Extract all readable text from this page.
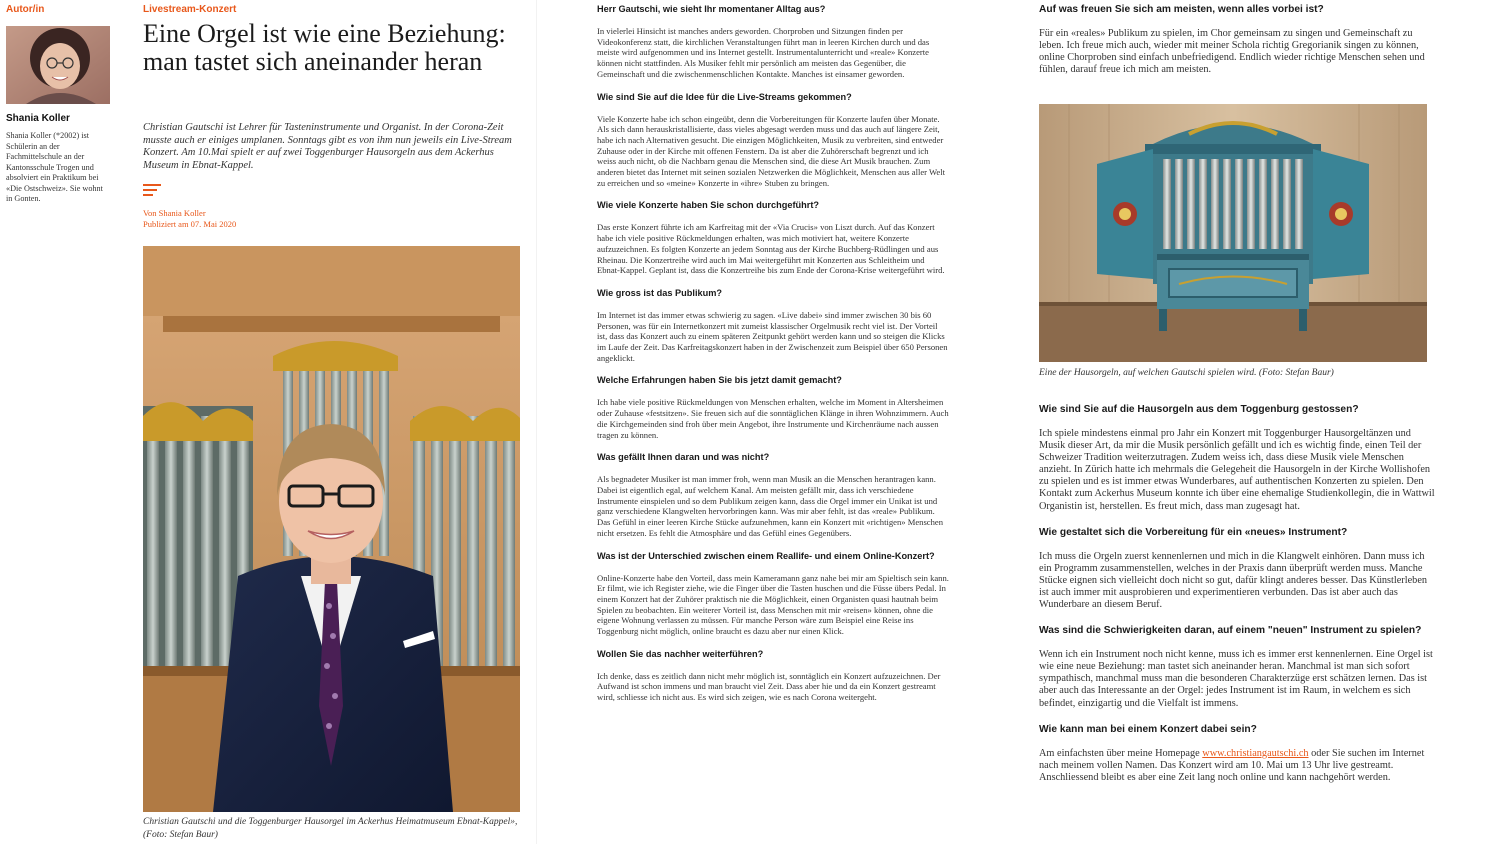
Autor/in
Shania Koller
Shania Koller (*2002) ist Schülerin an der Fachmittelschule an der Kantonsschule Trogen und absolviert ein Praktikum bei «Die Ostschweiz». Sie wohnt in Gonten.
Livestream-Konzert
Eine Orgel ist wie eine Beziehung: man tastet sich aneinander heran

Christian Gautschi ist Lehrer für Tasteninstrumente und Organist. In der Corona-Zeit musste auch er einiges umplanen. Sonntags gibt es von ihm nun jeweils ein Live-Stream Konzert. Am 10.Mai spielt er auf zwei Toggenburger Hausorgeln aus dem Ackerhus Museum in Ebnat-Kappel.

Von Shania Koller
Publiziert am 07. Mai 2020
Christian Gautschi und die Toggenburger Hausorgel im Ackerhus Heimatmuseum Ebnat-Kappel», (Foto: Stefan Baur)
Herr Gautschi, wie sieht Ihr momentaner Alltag aus?
In vielerlei Hinsicht ist manches anders geworden. Chorproben und Sitzungen finden per Videokonferenz statt, die kirchlichen Veranstaltungen führt man in leeren Kirchen durch und das meiste wird aufgenommen und ins Internet gestellt. Instrumentalunterricht und «reale» Konzerte können nicht stattfinden. Als Musiker fehlt mir persönlich am meisten das Gegenüber, die Gemeinschaft und die zwischenmenschlichen Kontakte. Manches ist einsamer geworden.
Wie sind Sie auf die Idee für die Live-Streams gekommen?
Viele Konzerte habe ich schon eingeübt, denn die Vorbereitungen für Konzerte laufen über Monate. Als sich dann herauskristallisierte, dass vieles abgesagt werden muss und das auch auf längere Zeit, habe ich nach Alternativen gesucht. Die einzigen Möglichkeiten, Musik zu verbreiten, sind entweder Zuhause oder in der Kirche mit offenen Fenstern. Da ist aber die Zuhörerschaft begrenzt und ich weiss auch nicht, ob die Nachbarn genau die Menschen sind, die diese Art Musik brauchen. Zum anderen bietet das Internet mit seinen sozialen Netzwerken die Möglichkeit, Menschen aus aller Welt zu erreichen und so «meine» Konzerte in «ihre» Stuben zu bringen.
Wie viele Konzerte haben Sie schon durchgeführt?
Das erste Konzert führte ich am Karfreitag mit der «Via Crucis» von Liszt durch. Auf das Konzert habe ich viele positive Rückmeldungen erhalten, was mich motiviert hat, weitere Konzerte aufzuzeichnen. Es folgten Konzerte an jedem Sonntag aus der Kirche Buchberg-Rüdlingen und aus Rheinau. Die Konzertreihe wird auch im Mai weitergeführt mit Konzerten aus Schleitheim und Ebnat-Kappel. Geplant ist, dass die Konzertreihe bis zum Ende der Corona-Krise weitergeführt wird.
Wie gross ist das Publikum?
Im Internet ist das immer etwas schwierig zu sagen. «Live dabei» sind immer zwischen 30 bis 60 Personen, was für ein Internetkonzert mit zumeist klassischer Orgelmusik recht viel ist. Der Vorteil ist, dass das Konzert auch zu einem späteren Zeitpunkt gehört werden kann und so steigen die Klicks im Laufe der Zeit. Das Karfreitagskonzert haben in der Zwischenzeit zum Beispiel über 650 Personen angeklickt.
Welche Erfahrungen haben Sie bis jetzt damit gemacht?
Ich habe viele positive Rückmeldungen von Menschen erhalten, welche im Moment in Altersheimen oder Zuhause «festsitzen». Sie freuen sich auf die sonntäglichen Klänge in ihren Wohnzimmern. Auch die Kirchgemeinden sind froh über mein Angebot, ihre Instrumente und Kirchenräume nach aussen tragen zu können.
Was gefällt Ihnen daran und was nicht?
Als begnadeter Musiker ist man immer froh, wenn man Musik an die Menschen herantragen kann. Dabei ist eigentlich egal, auf welchem Kanal. Am meisten gefällt mir, dass ich verschiedene Instrumente einspielen und so dem Publikum zeigen kann, dass die Orgel immer ein Unikat ist und ganz verschiedene Klangwelten hervorbringen kann. Was mir aber fehlt, ist das «reale» Publikum. Das Gefühl in einer leeren Kirche Stücke aufzunehmen, kann ein Konzert mit «richtigen» Menschen nicht ersetzen. Es fehlt die Atmosphäre und das Gefühl eines Gegenübers.
Was ist der Unterschied zwischen einem Reallife- und einem Online-Konzert?
Online-Konzerte habe den Vorteil, dass mein Kameramann ganz nahe bei mir am Spieltisch sein kann. Er filmt, wie ich Register ziehe, wie die Finger über die Tasten huschen und die Füsse übers Pedal. In einem Konzert hat der Zuhörer praktisch nie die Möglichkeit, einen Organisten quasi hautnah beim Spielen zu beobachten. Ein weiterer Vorteil ist, dass Menschen mit mir «reisen» können, ohne die eigene Wohnung verlassen zu müssen. Für manche Person wäre zum Beispiel eine Reise ins Toggenburg nicht möglich, online braucht es dazu aber nur einen Klick.
Wollen Sie das nachher weiterführen?
Ich denke, dass es zeitlich dann nicht mehr möglich ist, sonntäglich ein Konzert aufzuzeichnen. Der Aufwand ist schon immens und man braucht viel Zeit. Dass aber hie und da ein Konzert gestreamt wird, schliesse ich nicht aus. Es wird sich zeigen, wie es nach Corona weitergeht.
Auf was freuen Sie sich am meisten, wenn alles vorbei ist?
Für ein «reales» Publikum zu spielen, im Chor gemeinsam zu singen und Gemeinschaft zu leben. Ich freue mich auch, wieder mit meiner Schola richtig Gregorianik singen zu können, online Chorproben sind einfach unbefriedigend. Endlich wieder richtige Menschen sehen und fühlen, darauf freue ich mich am meisten.
Eine der Hausorgeln, auf welchen Gautschi spielen wird. (Foto: Stefan Baur)
Wie sind Sie auf die Hausorgeln aus dem Toggenburg gestossen?
Ich spiele mindestens einmal pro Jahr ein Konzert mit Toggenburger Hausorgeltänzen und Musik dieser Art, da mir die Musik persönlich gefällt und ich es wichtig finde, einen Teil der Schweizer Tradition weiterzutragen. Zudem weiss ich, dass diese Musik viele Menschen anzieht. In Zürich hatte ich mehrmals die Gelegeheit die Hausorgeln in der Kirche Wollishofen zu spielen und es ist immer etwas Wunderbares, auf authentischen Konzerten zu spielen. Den Kontakt zum Ackerhus Museum konnte ich über eine ehemalige Studienkollegin, die in Wattwil Organistin ist, herstellen. Es freut mich, dass man zugesagt hat.
Wie gestaltet sich die Vorbereitung für ein «neues» Instrument?
Ich muss die Orgeln zuerst kennenlernen und mich in die Klangwelt einhören. Dann muss ich ein Programm zusammenstellen, welches in der Praxis dann überprüft werden muss. Manche Stücke eignen sich vielleicht doch nicht so gut, dafür klingt anderes besser. Das Künstlerleben ist auch immer mit ausprobieren und experimentieren verbunden. Das ist aber auch das Wunderbare an diesem Beruf.
Was sind die Schwierigkeiten daran, auf einem "neuen" Instrument zu spielen?
Wenn ich ein Instrument noch nicht kenne, muss ich es immer erst kennenlernen. Eine Orgel ist wie eine neue Beziehung: man tastet sich aneinander heran. Manchmal ist man sich sofort sympathisch, manchmal muss man die besonderen Charakterzüge erst schätzen lernen. Das ist aber auch das Interessante an der Orgel: jedes Instrument ist im Raum, in welchem es sich befindet, einzigartig und die Vielfalt ist immens.
Wie kann man bei einem Konzert dabei sein?
Am einfachsten über meine Homepage www.christiangautschi.ch oder Sie suchen im Internet nach meinem vollen Namen. Das Konzert wird am 10. Mai um 13 Uhr live gestreamt. Anschliessend bleibt es aber eine Zeit lang noch online und kann nachgehört werden.
